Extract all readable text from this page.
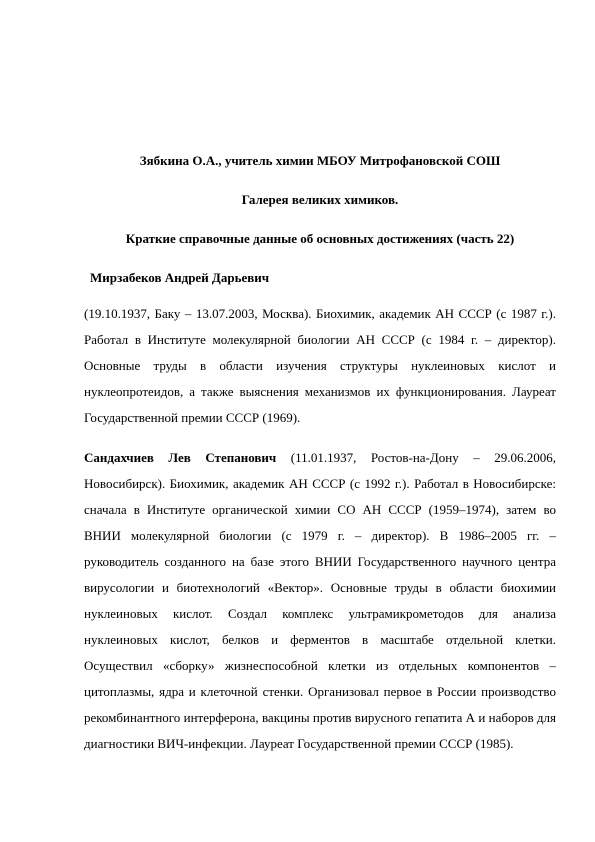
Зябкина О.А., учитель химии МБОУ Митрофановской СОШ

Галерея великих химиков.

Краткие справочные данные об основных достижениях (часть 22)

Мирзабеков Андрей Дарьевич

(19.10.1937, Баку – 13.07.2003, Москва). Биохимик, академик АН СССР (с 1987 г.). Работал в Институте молекулярной биологии АН СССР (с 1984 г. – директор). Основные труды в области изучения структуры нуклеиновых кислот и нуклеопротеидов, а также выяснения механизмов их функционирования. Лауреат Государственной премии СССР (1969).

Сандахчиев Лев Степанович (11.01.1937, Ростов-на-Дону – 29.06.2006, Новосибирск). Биохимик, академик АН СССР (с 1992 г.). Работал в Новосибирске: сначала в Институте органической химии СО АН СССР (1959–1974), затем во ВНИИ молекулярной биологии (с 1979 г. – директор). В 1986–2005 гг. – руководитель созданного на базе этого ВНИИ Государственного научного центра вирусологии и биотехнологий «Вектор». Основные труды в области биохимии нуклеиновых кислот. Создал комплекс ультрамикрометодов для анализа нуклеиновых кислот, белков и ферментов в масштабе отдельной клетки. Осуществил «сборку» жизнеспособной клетки из отдельных компонентов – цитоплазмы, ядра и клеточной стенки. Организовал первое в России производство рекомбинантного интерферона, вакцины против вирусного гепатита А и наборов для диагностики ВИЧ-инфекции. Лауреат Государственной премии СССР (1985).
